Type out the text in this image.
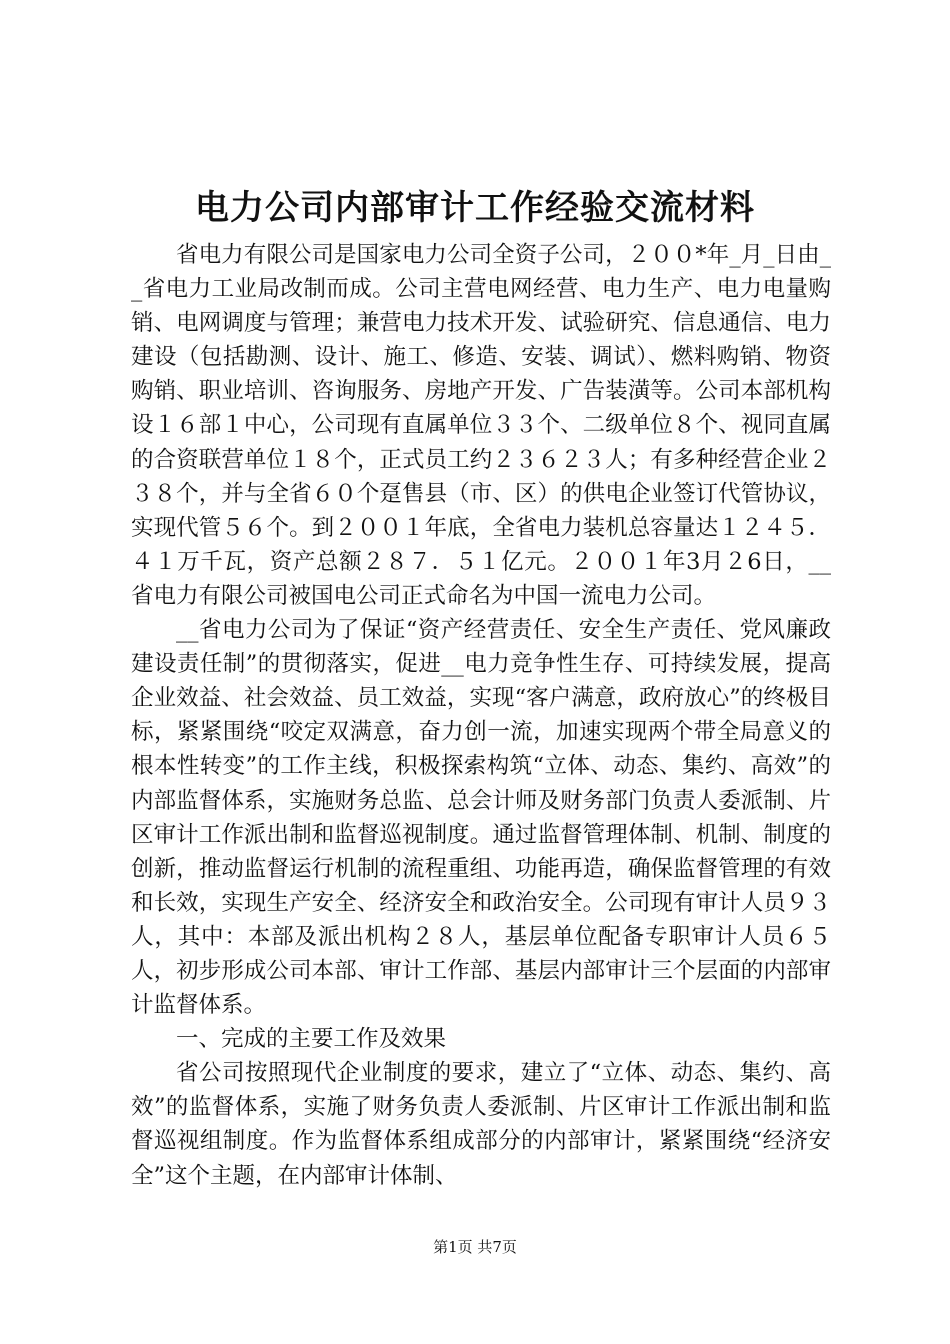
电力公司内部审计工作经验交流材料

省电力有限公司是国家电力公司全资子公司，２００*年_月_日由__省电力工业局改制而成。公司主营电网经营、电力生产、电力电量购销、电网调度与管理；兼营电力技术开发、试验研究、信息通信、电力建设（包括勘测、设计、施工、修造、安装、调试）、燃料购销、物资购销、职业培训、咨询服务、房地产开发、广告装潢等。公司本部机构设１６部１中心，公司现有直属单位３３个、二级单位８个、视同直属的合资联营单位１８个，正式员工约２３６２３人；有多种经营企业２３８个，并与全省６０个趸售县（市、区）的供电企业签订代管协议，实现代管５６个。到２００１年底，全省电力装机总容量达１２４５．４１万千瓦，资产总额２８７．５１亿元。２００１年3月２6日，__省电力有限公司被国电公司正式命名为中国一流电力公司。

__省电力公司为了保证“资产经营责任、安全生产责任、党风廉政建设责任制”的贯彻落实，促进__电力竞争性生存、可持续发展，提高企业效益、社会效益、员工效益，实现“客户满意，政府放心”的终极目标，紧紧围绕“咬定双满意，奋力创一流，加速实现两个带全局意义的根本性转变”的工作主线，积极探索构筑“立体、动态、集约、高效”的内部监督体系，实施财务总监、总会计师及财务部门负责人委派制、片区审计工作派出制和监督巡视制度。通过监督管理体制、机制、制度的创新，推动监督运行机制的流程重组、功能再造，确保监督管理的有效和长效，实现生产安全、经济安全和政治安全。公司现有审计人员９３人，其中：本部及派出机构２８人，基层单位配备专职审计人员６５人，初步形成公司本部、审计工作部、基层内部审计三个层面的内部审计监督体系。

一、完成的主要工作及效果

省公司按照现代企业制度的要求，建立了“立体、动态、集约、高效”的监督体系，实施了财务负责人委派制、片区审计工作派出制和监督巡视组制度。作为监督体系组成部分的内部审计，紧紧围绕“经济安全”这个主题，在内部审计体制、

第1页 共7页
